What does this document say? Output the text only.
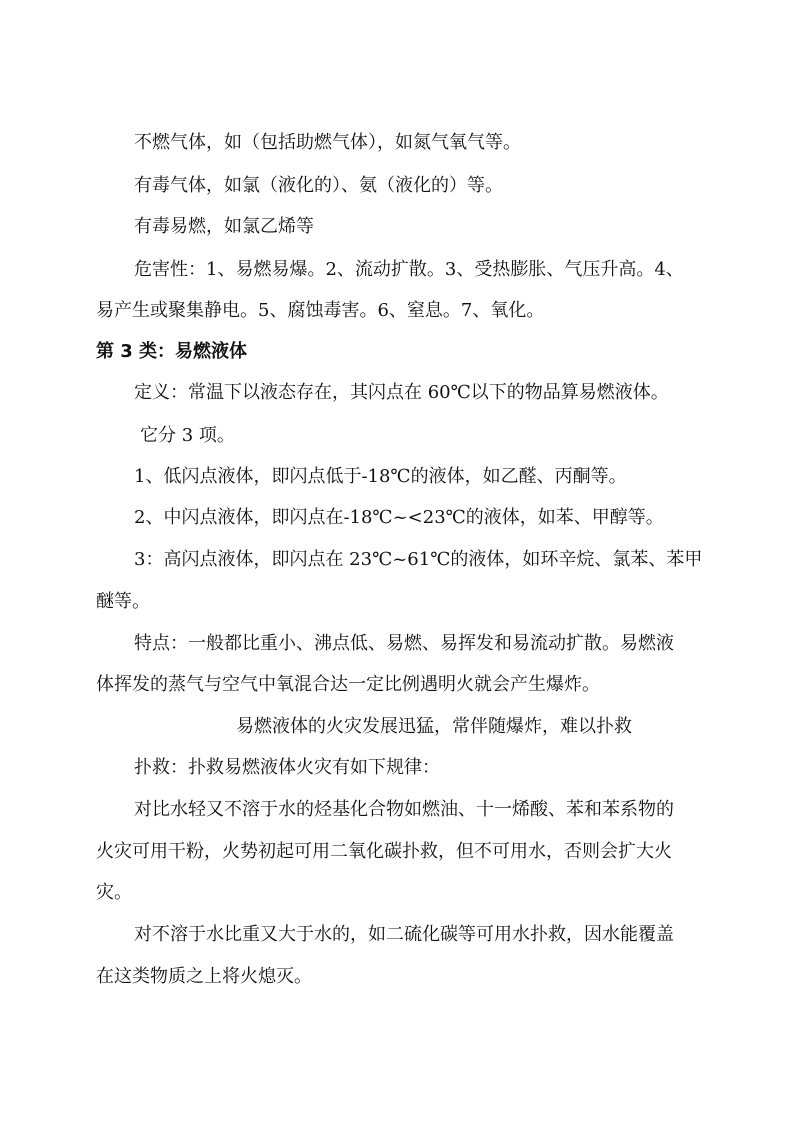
不燃气体，如（包括助燃气体），如氮气氧气等。
有毒气体，如氯（液化的）、氨（液化的）等。
有毒易燃，如氯乙烯等
危害性：1、易燃易爆。2、流动扩散。3、受热膨胀、气压升高。4、
易产生或聚集静电。5、腐蚀毒害。6、窒息。7、氧化。
第 3 类：易燃液体
定义：常温下以液态存在，其闪点在 60℃以下的物品算易燃液体。
它分 3 项。
1、低闪点液体，即闪点低于-18℃的液体，如乙醛、丙酮等。
2、中闪点液体，即闪点在-18℃~<23℃的液体，如苯、甲醇等。
3：高闪点液体，即闪点在 23℃~61℃的液体，如环辛烷、氯苯、苯甲
醚等。
特点：一般都比重小、沸点低、易燃、易挥发和易流动扩散。易燃液
体挥发的蒸气与空气中氧混合达一定比例遇明火就会产生爆炸。
易燃液体的火灾发展迅猛，常伴随爆炸，难以扑救
扑救：扑救易燃液体火灾有如下规律：
对比水轻又不溶于水的烃基化合物如燃油、十一烯酸、苯和苯系物的
火灾可用干粉，火势初起可用二氧化碳扑救，但不可用水，否则会扩大火
灾。
对不溶于水比重又大于水的，如二硫化碳等可用水扑救，因水能覆盖
在这类物质之上将火熄灭。
